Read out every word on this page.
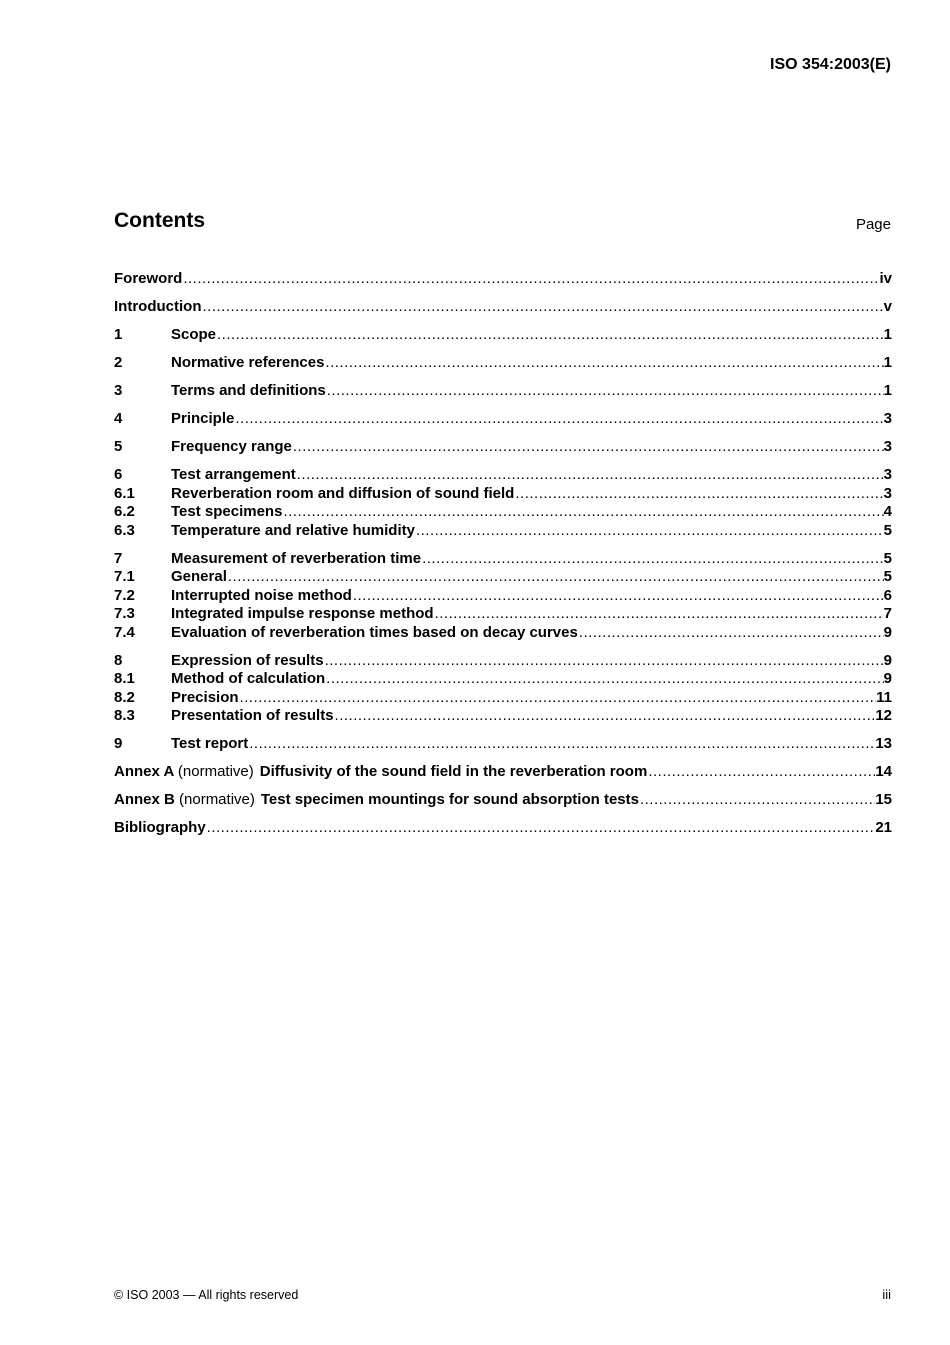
ISO 354:2003(E)
Contents	Page
Foreword .....	iv
Introduction .....	v
1	Scope .....	1
2	Normative references .....	1
3	Terms and definitions .....	1
4	Principle .....	3
5	Frequency range .....	3
6	Test arrangement .....	3
6.1	Reverberation room and diffusion of sound field .....	3
6.2	Test specimens .....	4
6.3	Temperature and relative humidity .....	5
7	Measurement of reverberation time .....	5
7.1	General .....	5
7.2	Interrupted noise method .....	6
7.3	Integrated impulse response method .....	7
7.4	Evaluation of reverberation times based on decay curves .....	9
8	Expression of results .....	9
8.1	Method of calculation .....	9
8.2	Precision .....	11
8.3	Presentation of results .....	12
9	Test report .....	13
Annex A (normative) Diffusivity of the sound field in the reverberation room .....	14
Annex B (normative) Test specimen mountings for sound absorption tests .....	15
Bibliography .....	21
© ISO 2003 — All rights reserved	iii
